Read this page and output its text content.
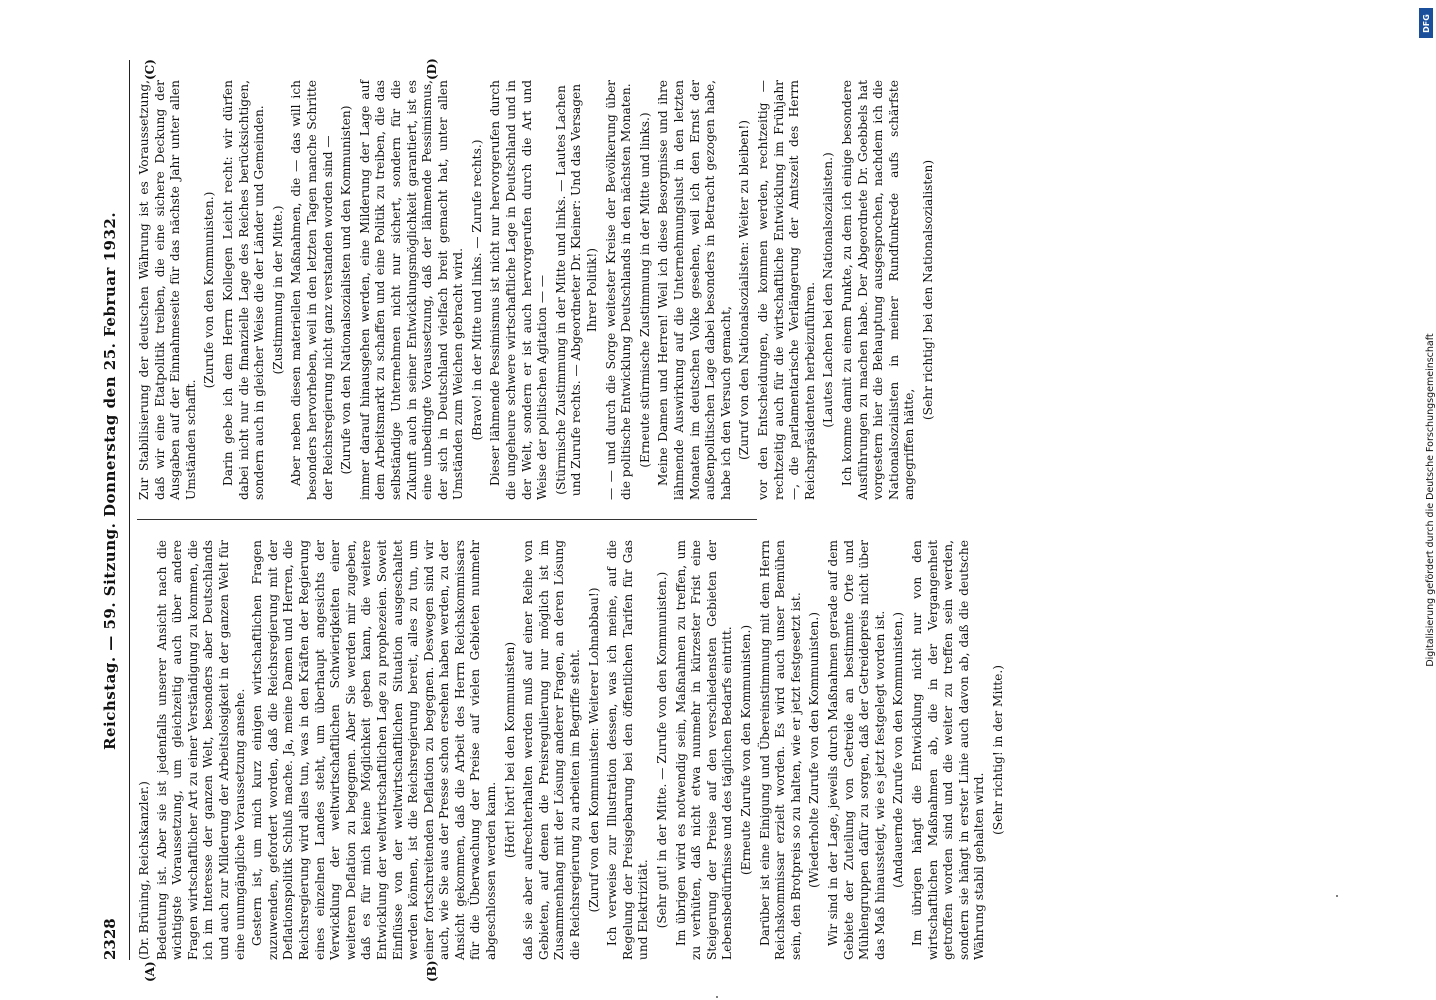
2328
Reichstag. — 59. Sitzung. Donnerstag den 25. Februar 1932.

(Dr. Brüning, Reichskanzler.) Bedeutung ist. Aber sie ist jedenfalls unserer Ansicht nach die wichtigste Voraussetzung, um gleichzeitig auch über andere Fragen wirtschaftlicher Art zu einer Verständigung zu kommen, die ich im Interesse der ganzen Welt, besonders aber Deutschlands und auch zur Milderung der Arbeitslosigkeit in der ganzen Welt für eine unumgängliche Voraussetzung ansehe. Gestern ist, um mich kurz einigen wirtschaftlichen Fragen zuzuwenden, gefordert worden, daß die Reichsregierung mit der Deflationspolitik Schluß mache. Ja, meine Damen und Herren, die Reichsregierung wird alles tun, was in den Kräften der Regierung eines einzelnen Landes steht, um überhaupt angesichts der Verwicklung der weltwirtschaftlichen Schwierigkeiten einer weiteren Deflation zu begegnen. Aber Sie werden mir zugeben, daß es für mich keine Möglichkeit geben kann, die weitere Entwicklung der weltwirtschaftlichen Lage zu prophezeien. Soweit Einflüsse von der weltwirtschaftlichen Situation ausgeschaltet werden können, ist die Reichsregierung bereit, alles zu tun, um einer fortschreitenden Deflation zu begegnen. Deswegen sind wir auch, wie Sie aus der Presse schon ersehen haben werden, zu der Ansicht gekommen, daß die Arbeit des Herrn Reichskommissars für die Überwachung der Preise auf vielen Gebieten nunmehr abgeschlossen werden kann.

(Hört! hört! bei den Kommunisten) daß sie aber aufrechterhalten werden muß auf einer Reihe von Gebieten, auf denen die Preisregulierung nur möglich ist im Zusammenhang mit der Lösung anderer Fragen, an deren Lösung die Reichsregierung zu arbeiten im Begriffe steht. (Zuruf von den Kommunisten: Weiterer Lohnabbau!) Ich verweise zur Illustration dessen, was ich meine, auf die Regelung der Preisgebarung bei den öffentlichen Tarifen für Gas und Elektrizität. (Sehr gut! in der Mitte. — Zurufe von den Kommunisten.) Im übrigen wird es notwendig sein, Maßnahmen zu treffen, um zu verhüten, daß nicht etwa nunmehr in kürzester Frist eine Steigerung der Preise auf den verschiedensten Gebieten der Lebensbedürfnisse und des täglichen Bedarfs eintritt. (Erneute Zurufe von den Kommunisten.) Darüber ist eine Einigung und Übereinstimmung mit dem Herrn Reichskommissar erzielt worden. Es wird auch unser Bemühen sein, den Brotpreis so zu halten, wie er jetzt festgesetzt ist. (Wiederholte Zurufe von den Kommunisten.) Wir sind in der Lage, jeweils durch Maßnahmen gerade auf dem Gebiete der Zuteilung von Getreide an bestimmte Orte und Mühlengruppen dafür zu sorgen, daß der Getreidepreis nicht über das Maß hinaussteigt, wie es jetzt festgelegt worden ist. (Andauernde Zurufe von den Kommunisten.) Im übrigen hängt die Entwicklung nicht nur von den wirtschaftlichen Maßnahmen ab, die in der Vergangenheit getroffen worden sind und die weiter zu treffen sein werden, sondern sie hängt in erster Linie auch davon ab, daß die deutsche Währung stabil gehalten wird.

(Sehr richtig! in der Mitte.)

Zur Stabilisierung der deutschen Währung ist es Voraussetzung, daß wir eine Etatpolitik treiben, die eine sichere Deckung der Ausgaben auf der Einnahmeseite für das nächste Jahr unter allen Umständen schafft.

(Zurufe von den Kommunisten.) Darin gebe ich dem Herrn Kollegen Leicht recht: wir dürfen dabei nicht nur die finanzielle Lage des Reiches berücksichtigen, sondern auch in gleicher Weise die der Länder und Gemeinden. (Zustimmung in der Mitte.) Aber neben diesen materiellen Maßnahmen, die — das will ich besonders hervorheben, weil in den letzten Tagen manche Schritte der Reichsregierung nicht ganz verstanden worden sind — (Zurufe von den Nationalsozialisten und den Kommunisten) immer darauf hinausgehen werden, eine Milderung der Lage auf dem Arbeitsmarkt zu schaffen und eine Politik zu treiben, die das selbständige Unternehmen nicht nur sichert, sondern für die Zukunft auch in seiner Entwicklungsmöglichkeit garantiert, ist es eine unbedingte Voraussetzung, daß der lähmende Pessimismus, der sich in Deutschland vielfach breit gemacht hat, unter allen Umständen zum Weichen gebracht wird. (Bravo! in der Mitte und links. — Zurufe rechts.) Dieser lähmende Pessimismus ist nicht nur hervorgerufen durch die ungeheure schwere wirtschaftliche Lage in Deutschland und in der Welt, sondern er ist auch hervorgerufen durch die Art und Weise der politischen Agitation — — (Stürmische Zustimmung in der Mitte und links. — Lautes Lachen und Zurufe rechts. — Abgeordneter Dr. Kleiner: Und das Versagen Ihrer Politik!) — — und durch die Sorge weitester Kreise der Bevölkerung über die politische Entwicklung Deutschlands in den nächsten Monaten. (Erneute stürmische Zustimmung in der Mitte und links.) Meine Damen und Herren! Weil ich diese Besorgnisse und ihre lähmende Auswirkung auf die Unternehmungslust in den letzten Monaten im deutschen Volke gesehen, weil ich den Ernst der außenpolitischen Lage dabei besonders in Betracht gezogen habe, habe ich den Versuch gemacht, (Zuruf von den Nationalsozialisten: Weiter zu bleiben!) vor den Entscheidungen, die kommen werden, rechtzeitig — rechtzeitig auch für die wirtschaftliche Entwicklung im Frühjahr —, die parlamentarische Verlängerung der Amtszeit des Herrn Reichspräsidenten herbeizuführen. (Lautes Lachen bei den Nationalsozialisten.) Ich komme damit zu einem Punkte, zu dem ich einige besondere Ausführungen zu machen habe. Der Abgeordnete Dr. Goebbels hat vorgestern hier die Behauptung ausgesprochen, nachdem ich die Nationalsozialisten in meiner Rundfunkrede aufs schärfste angegriffen hätte,

(Sehr richtig! bei den Nationalsozialisten)

(A)	(B)
(C)	(D)
DFG
Digitalisierung gefördert durch die Deutsche Forschungsgemeinschaft
